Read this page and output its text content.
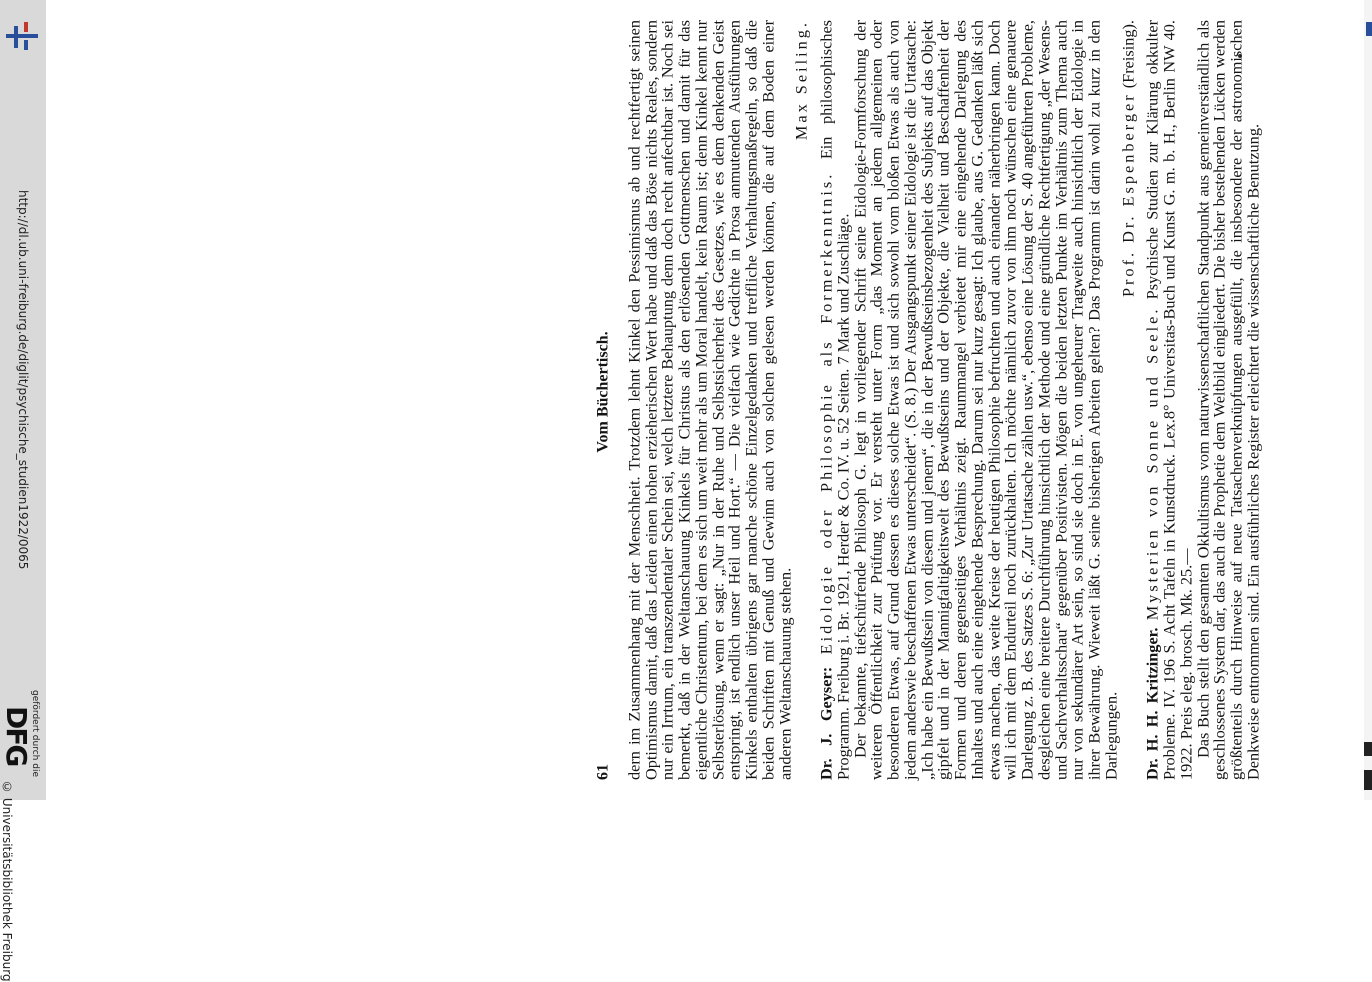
http://dl.ub.uni-freiburg.de/diglit/psychische_studien1922/0065
© Universitätsbibliothek Freiburg
DFG
gefördert durch die	61
Vom Büchertisch. dern im Zusammenhang mit der Menschheit. Trotzdem lehnt Kinkel den Pessimismus ab und rechtfertigt seinen Optimismus damit, daß das Leiden einen hohen erzieherischen Wert habe und daß das Böse nichts Reales, sondern nur ein Irrtum, ein transzendentaler Schein sei, welch letztere Behauptung denn doch recht anfechtbar ist. Noch sei bemerkt, daß in der Weltanschauung Kinkels für Christus als den erlösenden Gottmenschen und damit für das eigentliche Christentum, bei dem es sich um weit mehr als um Moral handelt, kein Raum ist; denn Kinkel kennt nur Selbsterlösung, wenn er sagt: „Nur in der Ruhe und Selbstsicherheit des Gesetzes, wie es dem denkenden Geist entspringt, ist endlich unser Heil und Hort.“ — Die vielfach wie Gedichte in Prosa anmutenden Ausführungen Kinkels enthalten übrigens gar manche schöne Einzelgedanken und treffliche Verhaltungsmaßregeln, so daß die beiden Schriften mit Genuß und Gewinn auch von solchen gelesen werden können, die auf dem Boden einer anderen Weltanschauung stehen.

Max Seiling.

Dr. J. Geyser: Eidologie oder Philosophie als Formerkenntnis. Ein philosophisches Programm. Freiburg i. Br. 1921, Herder & Co. IV. u. 52 Seiten. 7 Mark und Zuschläge.

Der bekannte, tiefschürfende Philosoph G. legt in vorliegender Schrift seine Eidologie-Formforschung der weiteren Öffentlichkeit zur Prüfung vor. Er versteht unter Form „das Moment an jedem allgemeinen oder besonderen Etwas, auf Grund dessen es dieses solche Etwas ist und sich sowohl vom bloßen Etwas als auch von jedem anderswie beschaffenen Etwas unterscheidet“. (S. 8.) Der Ausgangspunkt seiner Eidologie ist die Urtatsache: „Ich habe ein Bewußtsein von diesem und jenem“, die in der Bewußtseinsbezogenheit des Subjekts auf das Objekt gipfelt und in der Mannigfaltigkeitswelt des Bewußtseins und der Objekte, die Vielheit und Beschaffenheit der Formen und deren gegenseitiges Verhältnis zeigt. Raummangel verbietet mir eine eingehende Darlegung des Inhaltes und auch eine eingehende Besprechung. Darum sei nur kurz gesagt: Ich glaube, aus G. Gedanken läßt sich etwas machen, das weite Kreise der heutigen Philosophie befruchten und auch einander näherbringen kann. Doch will ich mit dem Endurteil noch zurückhalten. Ich möchte nämlich zuvor von ihm noch wünschen eine genauere Darlegung z. B. des Satzes S. 6: „Zur Urtatsache zählen usw.“, ebenso eine Lösung der S. 40 angeführten Probleme, desgleichen eine breitere Durchführung hinsichtlich der Methode und eine gründliche Rechtfertigung „der Wesens- und Sachverhaltsschau“ gegenüber Positivisten. Mögen die beiden letzten Punkte im Verhältnis zum Thema auch nur von sekundärer Art sein, so sind sie doch in E. von ungeheurer Tragweite auch hinsichtlich der Eidologie in ihrer Bewährung. Wieweit läßt G. seine bisherigen Arbeiten gelten? Das Programm ist darin wohl zu kurz in den Darlegungen.

Prof. Dr. Espenberger (Freising).

Dr. H. H. Kritzinger. Mysterien von Sonne und Seele. Psychische Studien zur Klärung okkulter Probleme. IV. 196 S. Acht Tafeln in Kunstdruck. Lex.8° Universitas-Buch und Kunst G. m. b. H., Berlin NW 40. 1922. Preis eleg. brosch. Mk. 25.—

Das Buch stellt den gesamten Okkultismus vom naturwissenschaftlichen Standpunkt aus gemeinverständlich als geschlossenes System dar, das auch die Prophetie dem Weltbild eingliedert. Die bisher bestehenden Lücken werden größtenteils durch Hinweise auf neue Tatsachenverknüpfungen ausgefüllt, die insbesondere der astronomischen Denkweise entnommen sind. Ein ausführliches Register erleichtert die wissenschaftliche Benutzung.
